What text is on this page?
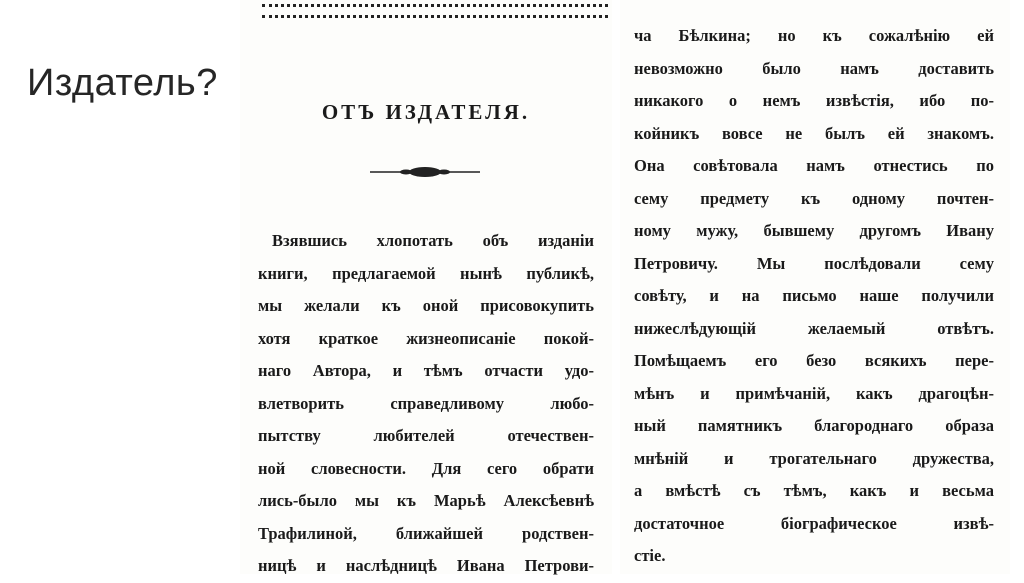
Издатель?
ОТЪ ИЗДАТЕЛЯ.
Взявшись хлопотать объ изданіи
книги, предлагаемой нынѣ публикѣ,
мы желали къ оной присовокупить
хотя краткое жизнеописаніе покой-
наго Автора, и тѣмъ отчасти удо-
влетворить справедливому любо-
пытству любителей отечествен-
ной словесности. Для сего обрати
лись-было мы къ Марьѣ Алексѣевнѣ
Трафилиной, ближайшей родствен-
ницѣ и наслѣдницѣ Ивана Петрови-
ча Бѣлкина; но къ сожалѣнію ей
невозможно было намъ доставить
никакого о немъ извѣстія, ибо по-
койникъ вовсе не былъ ей знакомъ.
Она совѣтовала намъ отнестись по
сему предмету къ одному почтен-
ному мужу, бывшему другомъ Ивану
Петровичу. Мы послѣдовали сему
совѣту, и на письмо наше получили
нижеслѣдующій желаемый отвѣтъ.
Помѣщаемъ его безо всякихъ пере-
мѣнъ и примѣчаній, какъ драгоцѣн-
ный памятникъ благороднаго образа
мнѣній и трогательнаго дружества,
а вмѣстѣ съ тѣмъ, какъ и весьма
достаточное біографическое извѣ-
стіе.
